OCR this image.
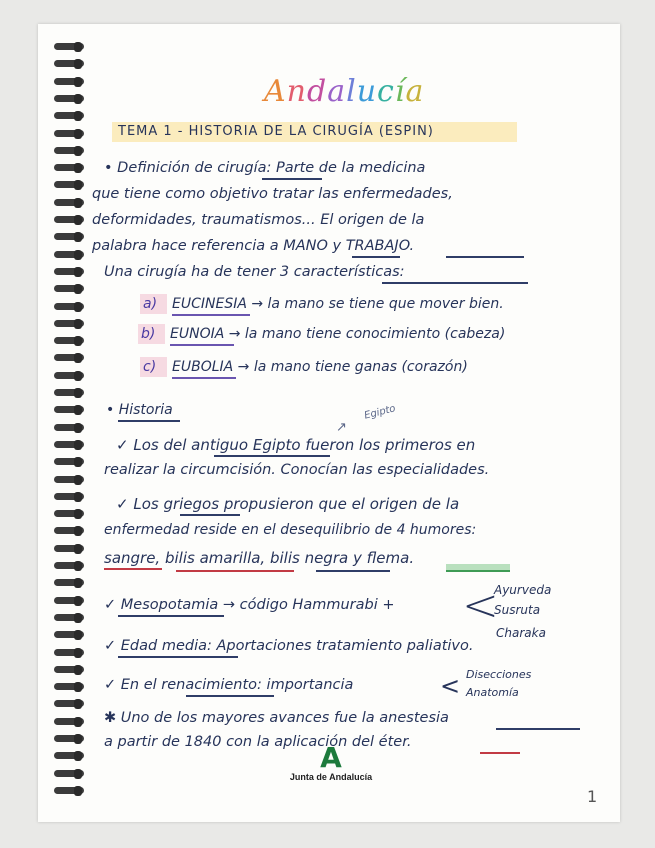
Andalucía
TEMA 1 - HISTORIA DE LA CIRUGÍA (ESPIN)
• Definición de cirugía: Parte de la medicina
que tiene como objetivo tratar las enfermedades,
deformidades, traumatismos... El origen de la
palabra hace referencia a MANO y TRABAJO.
Una cirugía ha de tener 3 características:
a) EUCINESIA → la mano se tiene que mover bien.
b) EUNOIA → la mano tiene conocimiento (cabeza)
c) EUBOLIA → la mano tiene ganas (corazón)
• Historia	Egipto
↗
✓ Los del antiguo Egipto fueron los primeros en
realizar la circumcisión. Conocían las especialidades.
✓ Los griegos propusieron que el origen de la
enfermedad reside en el desequilibrio de 4 humores:
sangre, bilis amarilla, bilis negra y flema.
✓ Mesopotamia → código Hammurabi + <
Ayurveda
Susruta
Charaka
✓ Edad media: Aportaciones tratamiento paliativo.
✓ En el renacimiento: importancia	< Disecciones
Anatomía
✱ Uno de los mayores avances fue la anestesia
a partir de 1840 con la aplicación del éter.
A
Junta de Andalucía
1
